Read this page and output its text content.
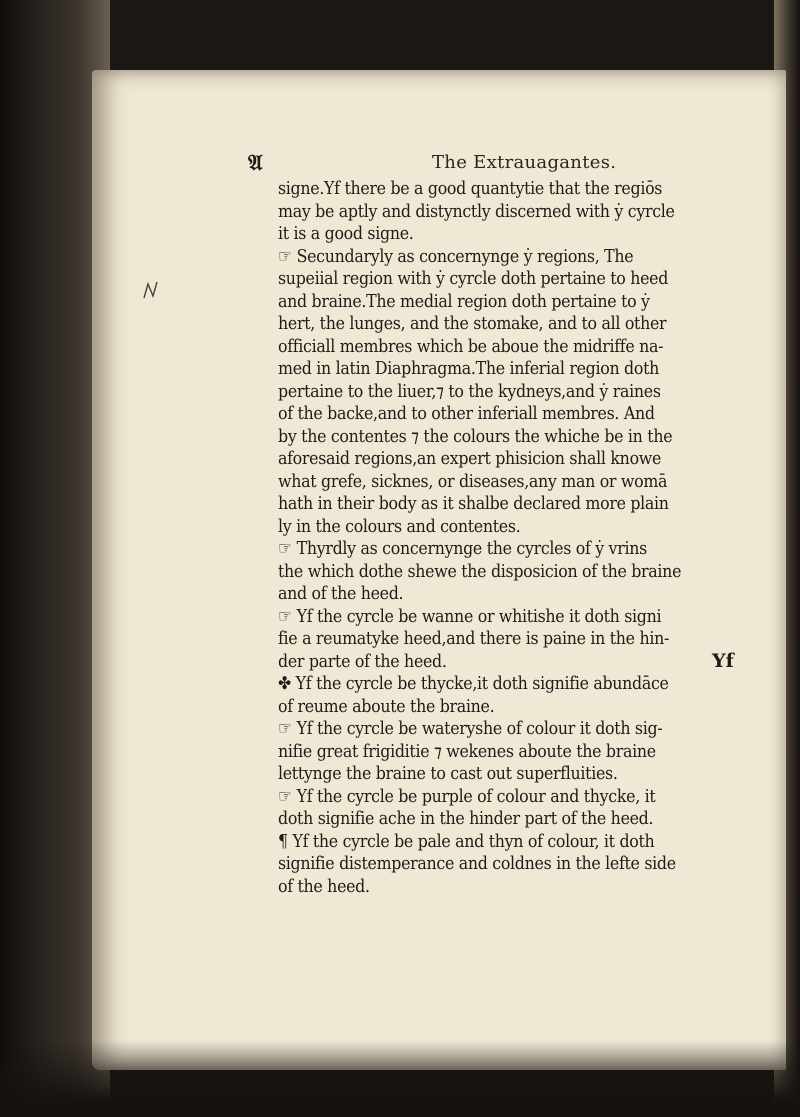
𝔄	The Extrauagantes.
signe.Yf there be a good quantytie that the regiōs
may be aptly and distynctly discerned with ẏ cyrcle
it is a good signe.
☞ Secundaryly as concernynge ẏ regions, The
supeiial region with ẏ cyrcle doth pertaine to heed
and braine.The medial region doth pertaine to ẏ
hert, the lunges, and the stomake, and to all other
officiall membres which be aboue the midriffe na-
med in latin Diaphragma.The inferial region doth
pertaine to the liuer,⁊ to the kydneys,and ẏ raines
of the backe,and to other inferiall membres. And
by the contentes ⁊ the colours the whiche be in the
aforesaid regions,an expert phisicion shall knowe
what grefe, sicknes, or diseases,any man or womā
hath in their body as it shalbe declared more plain
ly in the colours and contentes.
☞ Thyrdly as concernynge the cyrcles of ẏ vrins
the which dothe shewe the disposicion of the braine
and of the heed.
☞ Yf the cyrcle be wanne or whitishe it doth signi
fie a reumatyke heed,and there is paine in the hin-
der parte of the heed.
✤ Yf the cyrcle be thycke,it doth signifie abundāce
of reume aboute the braine.
☞ Yf the cyrcle be wateryshe of colour it doth sig-
nifie great frigiditie ⁊ wekenes aboute the braine
lettynge the braine to cast out superfluities.
☞ Yf the cyrcle be purple of colour and thycke, it
doth signifie ache in the hinder part of the heed.
¶ Yf the cyrcle be pale and thyn of colour, it doth
signifie distemperance and coldnes in the lefte side
of the heed.
Yf
